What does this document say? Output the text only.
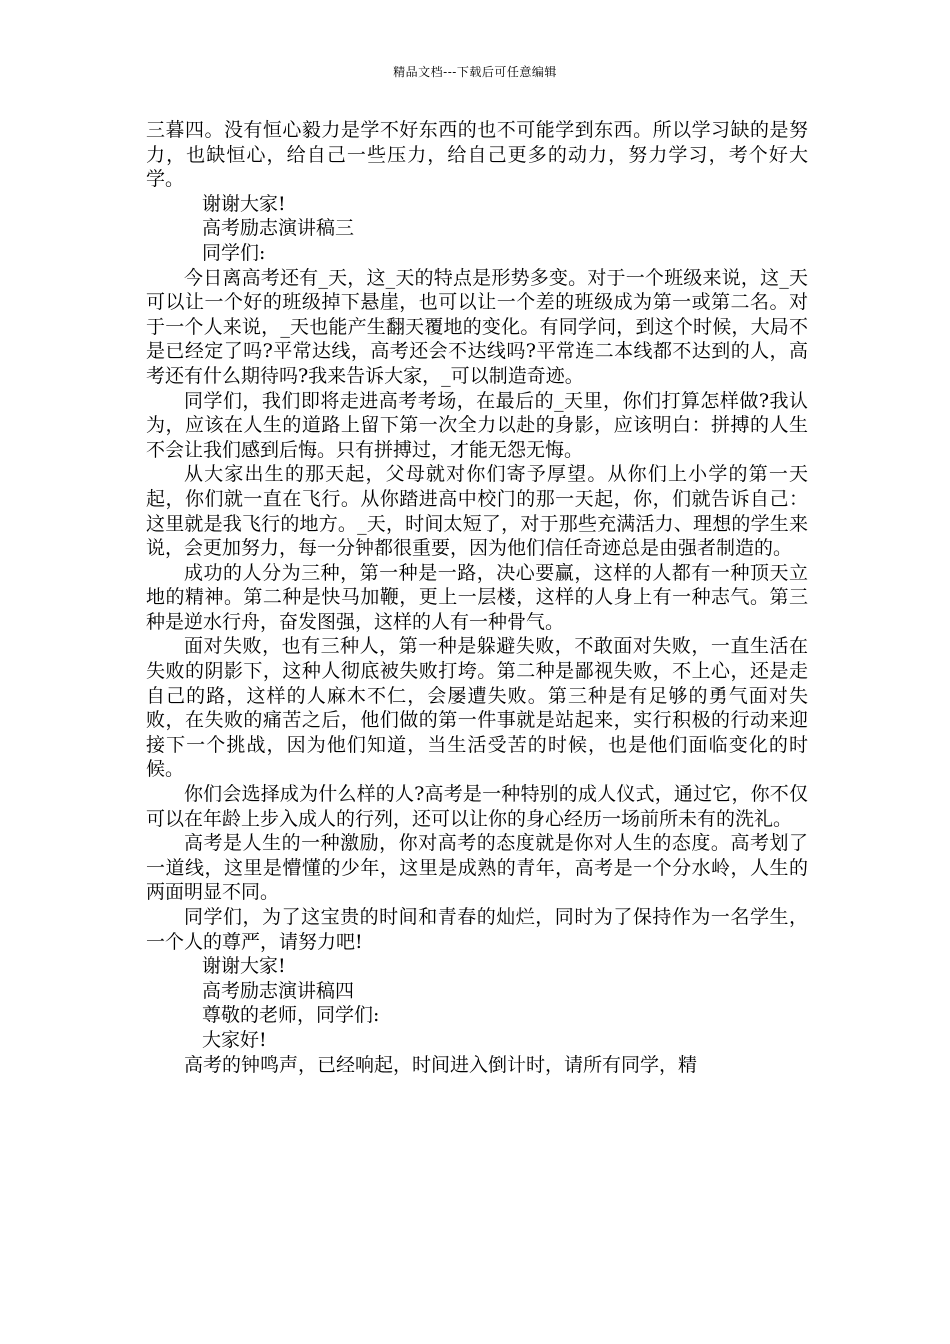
精品文档---下载后可任意编辑

三暮四。没有恒心毅力是学不好东西的也不可能学到东西。所以学习缺的是努力，也缺恒心，给自己一些压力，给自己更多的动力，努力学习，考个好大学。

谢谢大家!

高考励志演讲稿三

同学们:

今日离高考还有_天，这_天的特点是形势多变。对于一个班级来说，这_天可以让一个好的班级掉下悬崖，也可以让一个差的班级成为第一或第二名。对于一个人来说，_天也能产生翻天覆地的变化。有同学问，到这个时候，大局不是已经定了吗?平常达线，高考还会不达线吗?平常连二本线都不达到的人，高考还有什么期待吗?我来告诉大家，_可以制造奇迹。

同学们，我们即将走进高考考场，在最后的_天里，你们打算怎样做?我认为，应该在人生的道路上留下第一次全力以赴的身影，应该明白：拼搏的人生不会让我们感到后悔。只有拼搏过，才能无怨无悔。

从大家出生的那天起，父母就对你们寄予厚望。从你们上小学的第一天起，你们就一直在飞行。从你踏进高中校门的那一天起，你，们就告诉自己：这里就是我飞行的地方。_天，时间太短了，对于那些充满活力、理想的学生来说，会更加努力，每一分钟都很重要，因为他们信任奇迹总是由强者制造的。

成功的人分为三种，第一种是一路，决心要赢，这样的人都有一种顶天立地的精神。第二种是快马加鞭，更上一层楼，这样的人身上有一种志气。第三种是逆水行舟，奋发图强，这样的人有一种骨气。

面对失败，也有三种人，第一种是躲避失败，不敢面对失败，一直生活在失败的阴影下，这种人彻底被失败打垮。第二种是鄙视失败，不上心，还是走自己的路，这样的人麻木不仁，会屡遭失败。第三种是有足够的勇气面对失败，在失败的痛苦之后，他们做的第一件事就是站起来，实行积极的行动来迎接下一个挑战，因为他们知道，当生活受苦的时候，也是他们面临变化的时候。

你们会选择成为什么样的人?高考是一种特别的成人仪式，通过它，你不仅可以在年龄上步入成人的行列，还可以让你的身心经历一场前所未有的洗礼。

高考是人生的一种激励，你对高考的态度就是你对人生的态度。高考划了一道线，这里是懵懂的少年，这里是成熟的青年，高考是一个分水岭，人生的两面明显不同。

同学们，为了这宝贵的时间和青春的灿烂，同时为了保持作为一名学生，一个人的尊严，请努力吧!

谢谢大家!

高考励志演讲稿四

尊敬的老师，同学们:

大家好!

高考的钟鸣声，已经响起，时间进入倒计时，请所有同学，精
